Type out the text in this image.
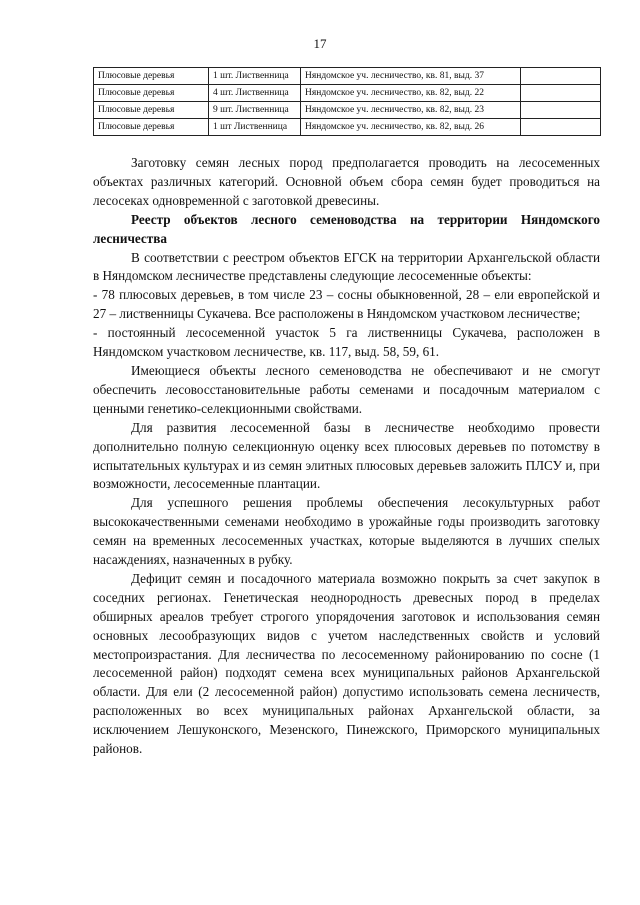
17
Плюсовые деревья	1 шт. Лиственница	Няндомское уч. лесничество, кв. 81, выд. 37	
Плюсовые деревья	4 шт. Лиственница	Няндомское уч. лесничество, кв. 82, выд. 22	
Плюсовые деревья	9 шт. Лиственница	Няндомское уч. лесничество, кв. 82, выд. 23	
Плюсовые деревья	1 шт Лиственница	Няндомское уч. лесничество, кв. 82, выд. 26	

Заготовку семян лесных пород предполагается проводить на лесосеменных объектах различных категорий. Основной объем сбора семян будет проводиться на лесосеках одновременной с заготовкой древесины.

Реестр объектов лесного семеноводства на территории Няндомского лесничества

В соответствии с реестром объектов ЕГСК на территории Архангельской области в Няндомском лесничестве представлены следующие лесосеменные объекты:

- 78 плюсовых деревьев, в том числе 23 – сосны обыкновенной, 28 – ели европейской и 27 – лиственницы Сукачева. Все расположены в Няндомском участковом лесничестве;

- постоянный лесосеменной участок 5 га лиственницы Сукачева, расположен в Няндомском участковом лесничестве, кв. 117, выд. 58, 59, 61.

Имеющиеся объекты лесного семеноводства не обеспечивают и не смогут обеспечить лесовосстановительные работы семенами и посадочным материалом с ценными генетико-селекционными свойствами.

Для развития лесосеменной базы в лесничестве необходимо провести дополнительно полную селекционную оценку всех плюсовых деревьев по потомству в испытательных культурах и из семян элитных плюсовых деревьев заложить ПЛСУ и, при возможности, лесосеменные плантации.

Для успешного решения проблемы обеспечения лесокультурных работ высококачественными семенами необходимо в урожайные годы производить заготовку семян на временных лесосеменных участках, которые выделяются в лучших спелых насаждениях, назначенных в рубку.

Дефицит семян и посадочного материала возможно покрыть за счет закупок в соседних регионах. Генетическая неоднородность древесных пород в пределах обширных ареалов требует строгого упорядочения заготовок и использования семян основных лесообразующих видов с учетом наследственных свойств и условий местопроизрастания. Для лесничества по лесосеменному районированию по сосне (1 лесосеменной район) подходят семена всех муниципальных районов Архангельской области. Для ели (2 лесосеменной район) допустимо использовать семена лесничеств, расположенных во всех муниципальных районах Архангельской области, за исключением Лешуконского, Мезенского, Пинежского, Приморского муниципальных районов.
